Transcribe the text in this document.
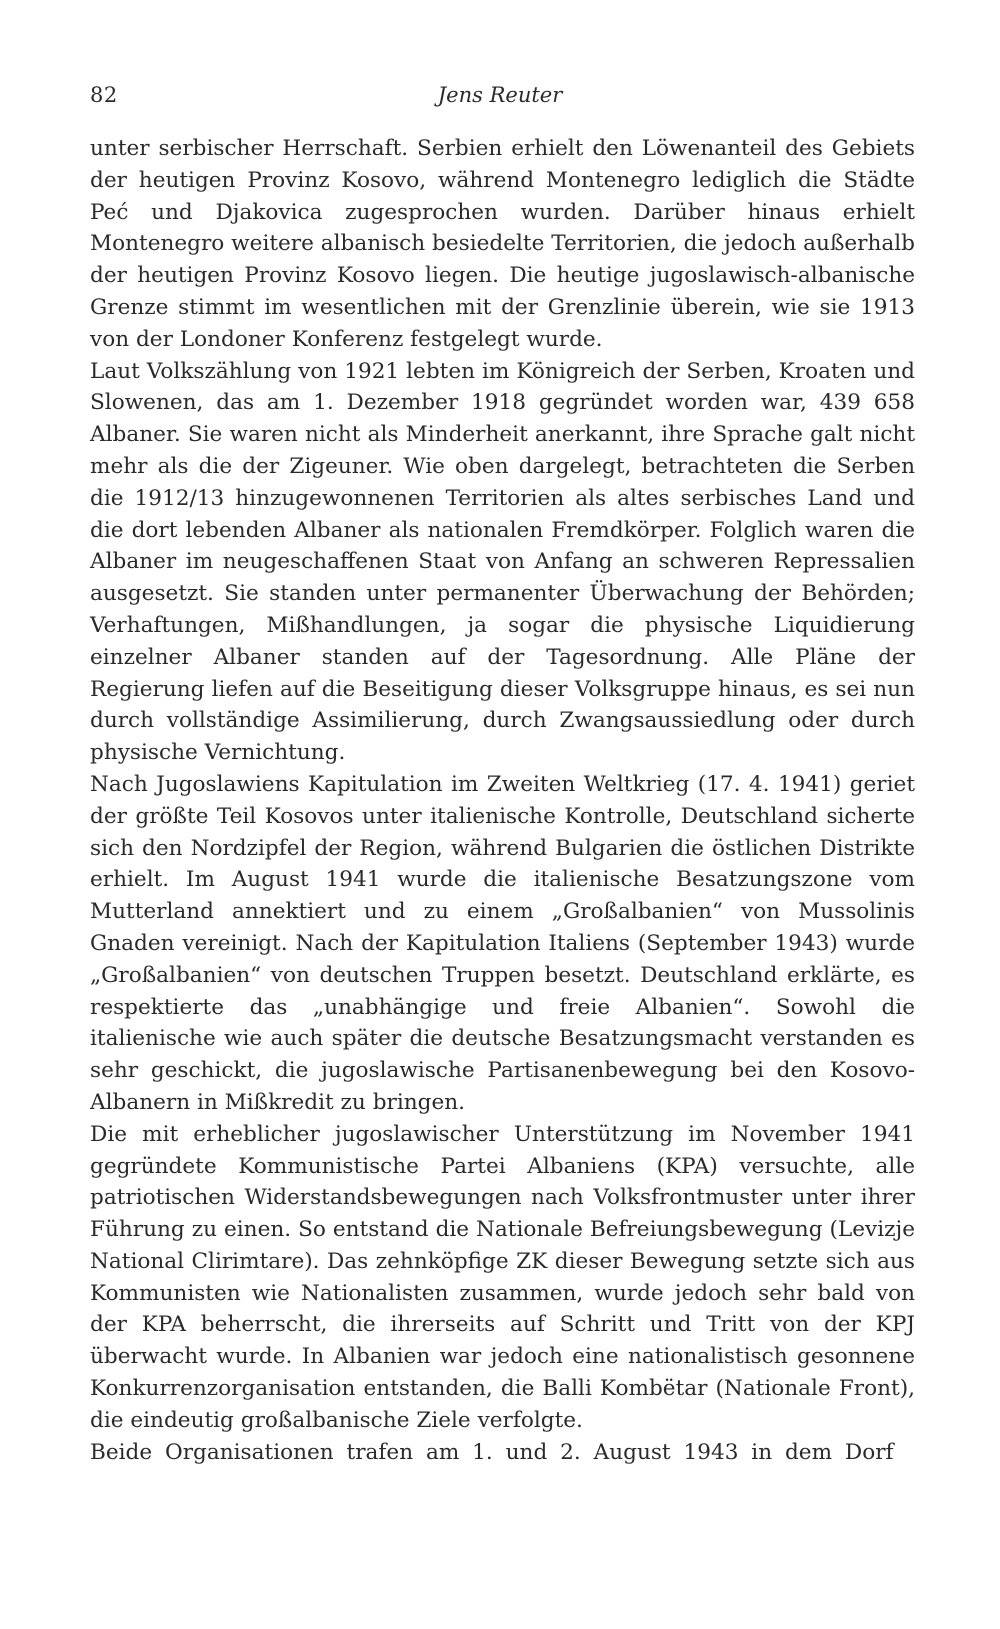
82	Jens Reuter

unter serbischer Herrschaft. Serbien erhielt den Löwenanteil des Gebiets der heutigen Provinz Kosovo, während Montenegro lediglich die Städte Peć und Djakovica zugesprochen wurden. Darüber hinaus erhielt Montenegro weitere albanisch besiedelte Territorien, die jedoch außerhalb der heutigen Provinz Kosovo liegen. Die heutige jugoslawisch-albanische Grenze stimmt im wesentlichen mit der Grenzlinie überein, wie sie 1913 von der Londoner Konferenz festgelegt wurde.

Laut Volkszählung von 1921 lebten im Königreich der Serben, Kroaten und Slowenen, das am 1. Dezember 1918 gegründet worden war, 439 658 Albaner. Sie waren nicht als Minderheit anerkannt, ihre Sprache galt nicht mehr als die der Zigeuner. Wie oben dargelegt, betrachteten die Serben die 1912/13 hinzugewonnenen Territorien als altes serbisches Land und die dort lebenden Albaner als nationalen Fremdkörper. Folglich waren die Albaner im neugeschaffenen Staat von Anfang an schweren Repressalien ausgesetzt. Sie standen unter permanenter Überwachung der Behörden; Verhaftungen, Mißhandlungen, ja sogar die physische Liquidierung einzelner Albaner standen auf der Tagesordnung. Alle Pläne der Regierung liefen auf die Beseitigung dieser Volksgruppe hinaus, es sei nun durch vollständige Assimilierung, durch Zwangsaussiedlung oder durch physische Vernichtung.

Nach Jugoslawiens Kapitulation im Zweiten Weltkrieg (17. 4. 1941) geriet der größte Teil Kosovos unter italienische Kontrolle, Deutschland sicherte sich den Nordzipfel der Region, während Bulgarien die östlichen Distrikte erhielt. Im August 1941 wurde die italienische Besatzungszone vom Mutterland annektiert und zu einem „Großalbanien“ von Mussolinis Gnaden vereinigt. Nach der Kapitulation Italiens (September 1943) wurde „Großalbanien“ von deutschen Truppen besetzt. Deutschland erklärte, es respektierte das „unabhängige und freie Albanien“. Sowohl die italienische wie auch später die deutsche Besatzungsmacht verstanden es sehr geschickt, die jugoslawische Partisanenbewegung bei den Kosovo-Albanern in Mißkredit zu bringen.

Die mit erheblicher jugoslawischer Unterstützung im November 1941 gegründete Kommunistische Partei Albaniens (KPA) versuchte, alle patriotischen Widerstandsbewegungen nach Volksfrontmuster unter ihrer Führung zu einen. So entstand die Nationale Befreiungsbewegung (Levizje National Clirimtare). Das zehnköpfige ZK dieser Bewegung setzte sich aus Kommunisten wie Nationalisten zusammen, wurde jedoch sehr bald von der KPA beherrscht, die ihrerseits auf Schritt und Tritt von der KPJ überwacht wurde. In Albanien war jedoch eine nationalistisch gesonnene Konkurrenzorganisation entstanden, die Balli Kombëtar (Nationale Front), die eindeutig großalbanische Ziele verfolgte.

Beide Organisationen trafen am 1. und 2. August 1943 in dem Dorf
